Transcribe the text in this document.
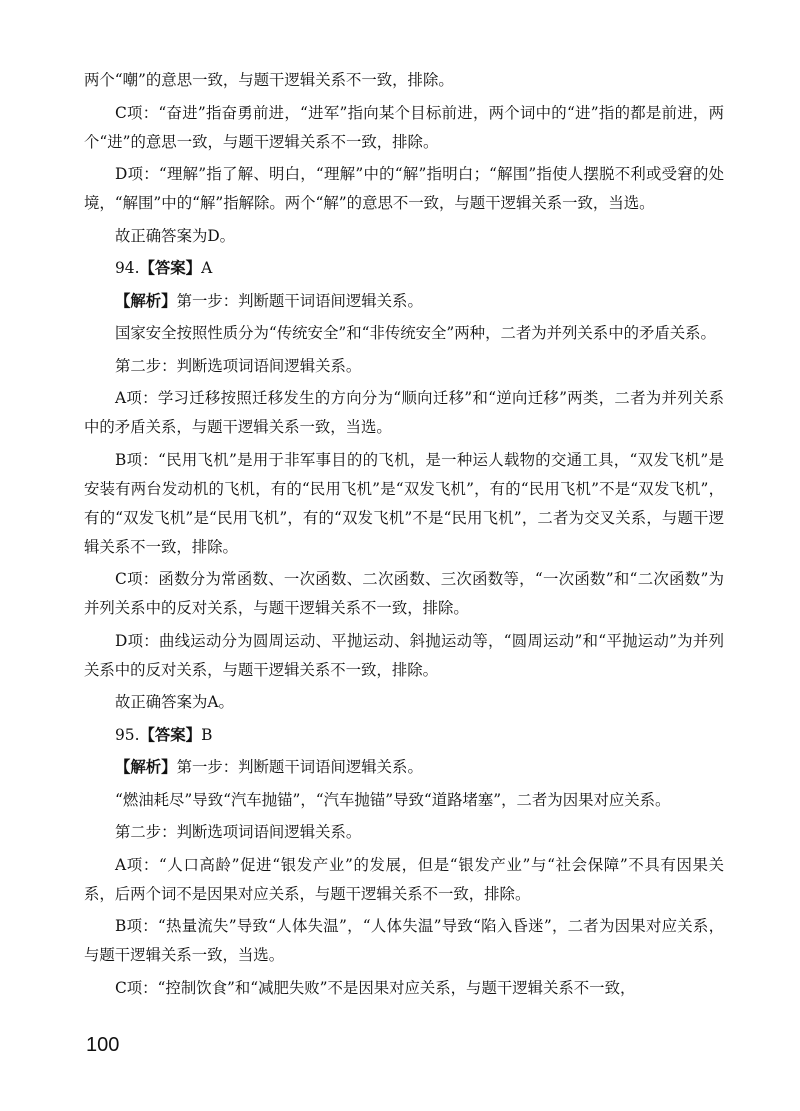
两个“嘲”的意思一致，与题干逻辑关系不一致，排除。
C项：“奋进”指奋勇前进，“进军”指向某个目标前进，两个词中的“进”指的都是前进，两个“进”的意思一致，与题干逻辑关系不一致，排除。
D项：“理解”指了解、明白，“理解”中的“解”指明白；“解围”指使人摆脱不利或受窘的处境，“解围”中的“解”指解除。两个“解”的意思不一致，与题干逻辑关系一致，当选。
故正确答案为D。
94.【答案】A
【解析】第一步：判断题干词语间逻辑关系。
国家安全按照性质分为“传统安全”和“非传统安全”两种，二者为并列关系中的矛盾关系。
第二步：判断选项词语间逻辑关系。
A项：学习迁移按照迁移发生的方向分为“顺向迁移”和“逆向迁移”两类，二者为并列关系中的矛盾关系，与题干逻辑关系一致，当选。
B项：“民用飞机”是用于非军事目的的飞机，是一种运人载物的交通工具，“双发飞机”是安装有两台发动机的飞机，有的“民用飞机”是“双发飞机”，有的“民用飞机”不是“双发飞机”，有的“双发飞机”是“民用飞机”，有的“双发飞机”不是“民用飞机”，二者为交叉关系，与题干逻辑关系不一致，排除。
C项：函数分为常函数、一次函数、二次函数、三次函数等，“一次函数”和“二次函数”为并列关系中的反对关系，与题干逻辑关系不一致，排除。
D项：曲线运动分为圆周运动、平抛运动、斜抛运动等，“圆周运动”和“平抛运动”为并列关系中的反对关系，与题干逻辑关系不一致，排除。
故正确答案为A。
95.【答案】B
【解析】第一步：判断题干词语间逻辑关系。
“燃油耗尽”导致“汽车抛锚”，“汽车抛锚”导致“道路堵塞”，二者为因果对应关系。
第二步：判断选项词语间逻辑关系。
A项：“人口高龄”促进“银发产业”的发展，但是“银发产业”与“社会保障”不具有因果关系，后两个词不是因果对应关系，与题干逻辑关系不一致，排除。
B项：“热量流失”导致“人体失温”，“人体失温”导致“陷入昏迷”，二者为因果对应关系，与题干逻辑关系一致，当选。
C项：“控制饮食”和“减肥失败”不是因果对应关系，与题干逻辑关系不一致，
100
